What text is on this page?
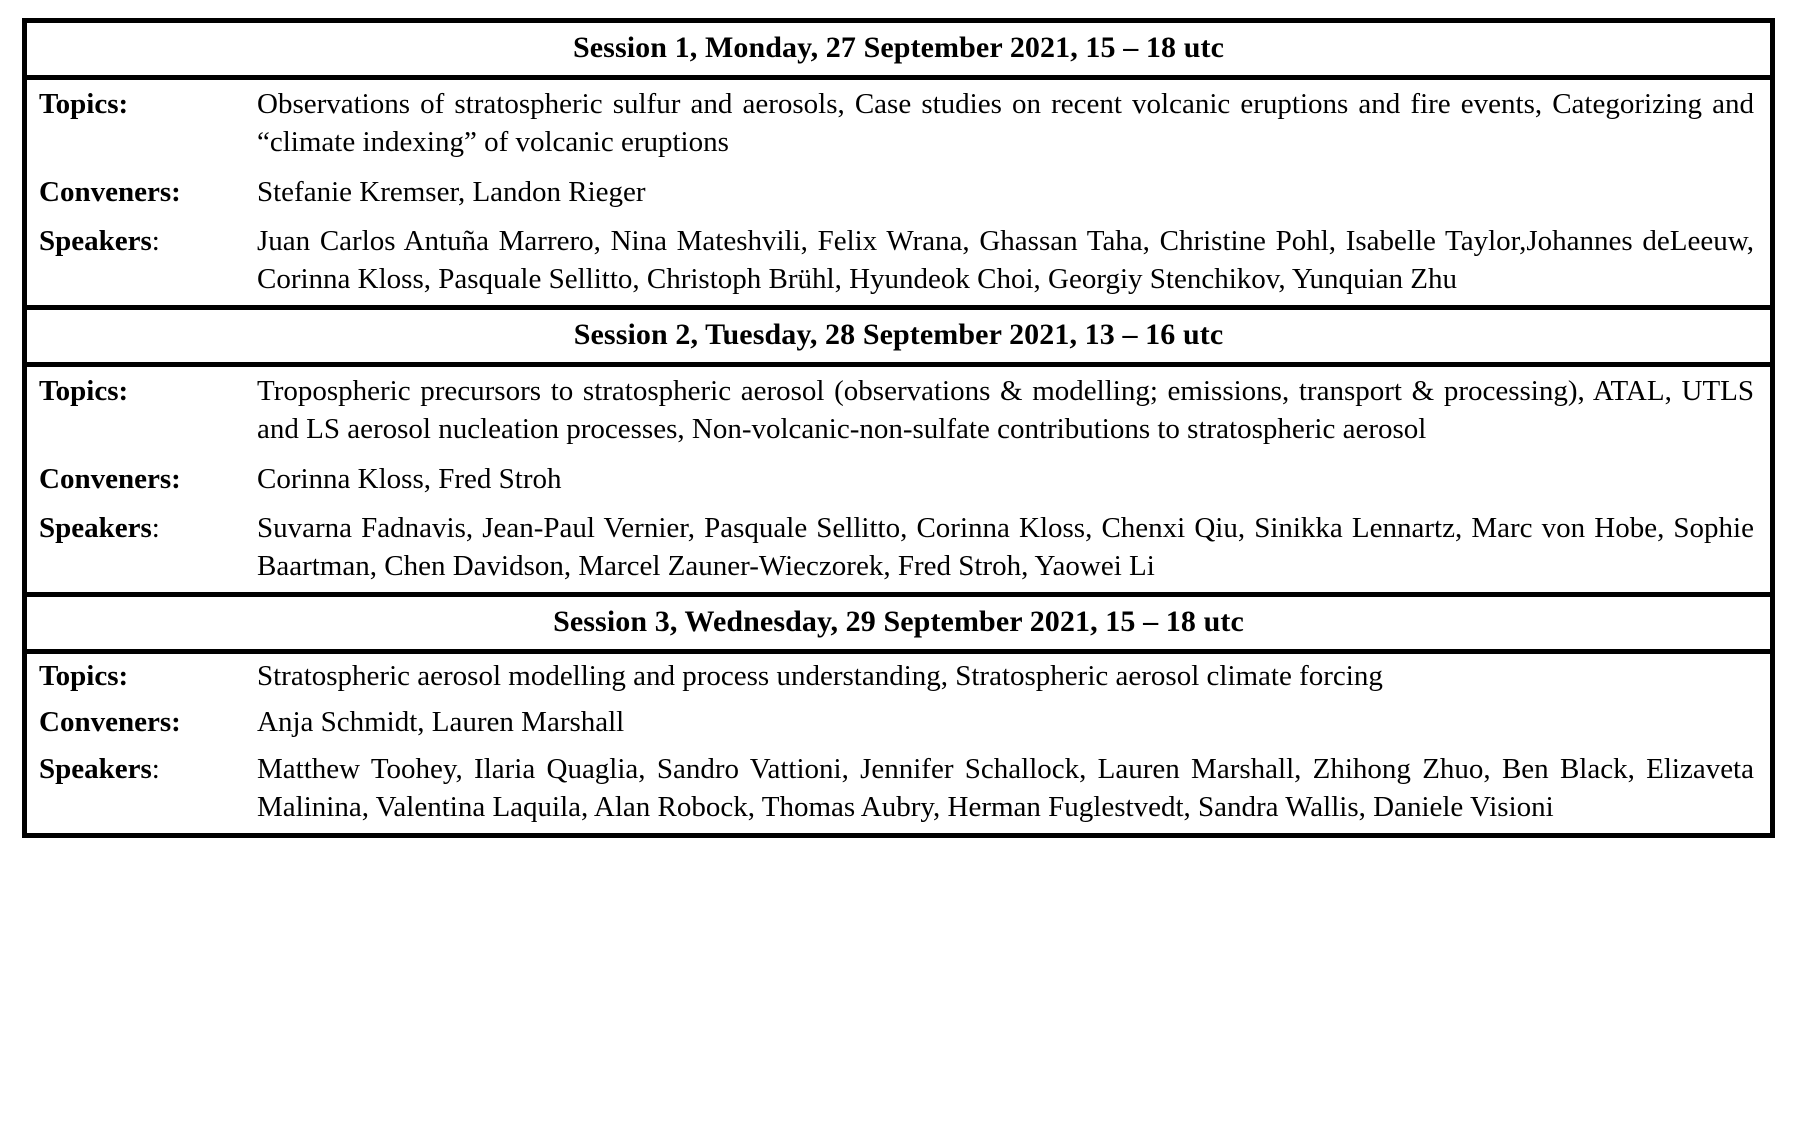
Session 1, Monday, 27 September 2021, 15 – 18 utc
Topics:	Observations of stratospheric sulfur and aerosols, Case studies on recent volcanic eruptions and fire events, Categorizing and “climate indexing” of volcanic eruptions
Conveners:	Stefanie Kremser, Landon Rieger
Speakers:	Juan Carlos Antuña Marrero, Nina Mateshvili, Felix Wrana, Ghassan Taha, Christine Pohl, Isabelle Taylor,Johannes deLeeuw, Corinna Kloss, Pasquale Sellitto, Christoph Brühl, Hyundeok Choi, Georgiy Stenchikov, Yunquian Zhu
Session 2, Tuesday, 28 September 2021, 13 – 16 utc
Topics:	Tropospheric precursors to stratospheric aerosol (observations & modelling; emissions, transport & processing), ATAL, UTLS and LS aerosol nucleation processes, Non-volcanic-non-sulfate contributions to stratospheric aerosol
Conveners:	Corinna Kloss, Fred Stroh
Speakers:	Suvarna Fadnavis, Jean-Paul Vernier, Pasquale Sellitto, Corinna Kloss, Chenxi Qiu, Sinikka Lennartz, Marc von Hobe, Sophie Baartman, Chen Davidson, Marcel Zauner-Wieczorek, Fred Stroh, Yaowei Li
Session 3, Wednesday, 29 September 2021, 15 – 18 utc
Topics:	Stratospheric aerosol modelling and process understanding, Stratospheric aerosol climate forcing
Conveners:	Anja Schmidt, Lauren Marshall
Speakers:	Matthew Toohey, Ilaria Quaglia, Sandro Vattioni, Jennifer Schallock, Lauren Marshall, Zhihong Zhuo, Ben Black, Elizaveta Malinina, Valentina Laquila, Alan Robock, Thomas Aubry, Herman Fuglestvedt, Sandra Wallis, Daniele Visioni
